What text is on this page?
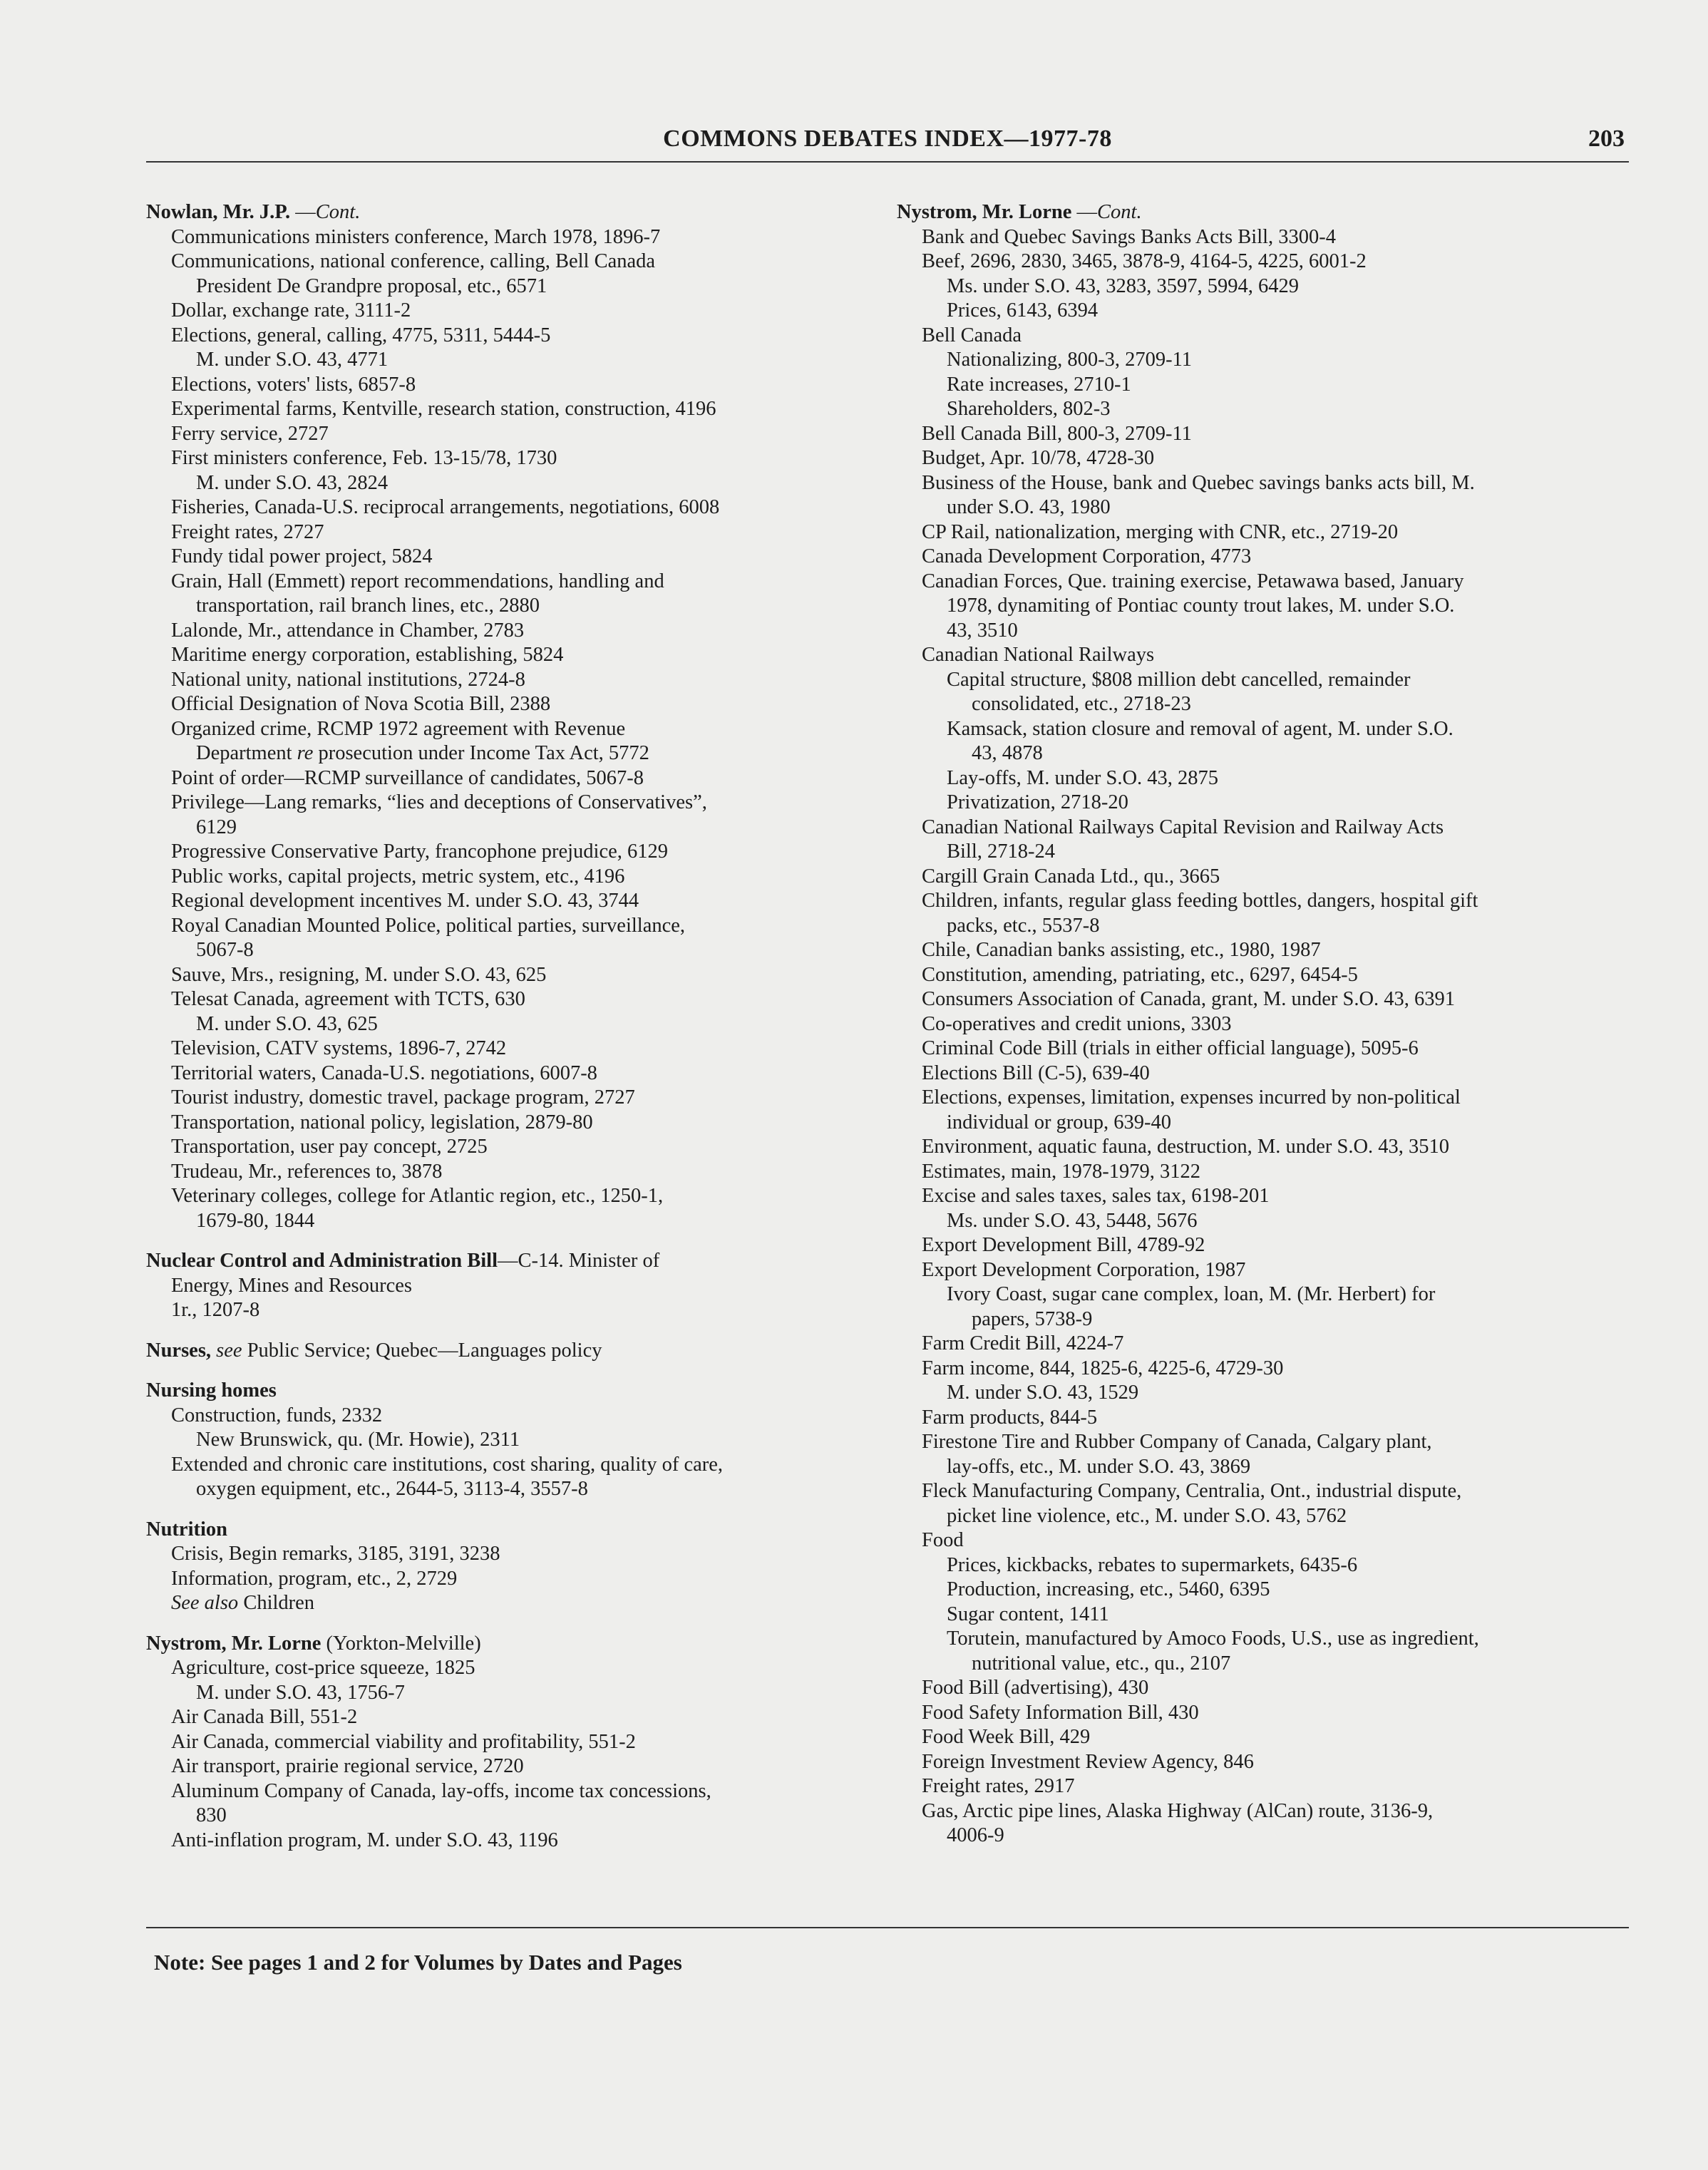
COMMONS DEBATES INDEX—1977-78	203
Nowlan, Mr. J.P. —Cont.
Communications ministers conference, March 1978, 1896-7
Communications, national conference, calling, Bell Canada
President De Grandpre proposal, etc., 6571
Dollar, exchange rate, 3111-2
Elections, general, calling, 4775, 5311, 5444-5
M. under S.O. 43, 4771
Elections, voters' lists, 6857-8
Experimental farms, Kentville, research station, construction, 4196
Ferry service, 2727
First ministers conference, Feb. 13-15/78, 1730
M. under S.O. 43, 2824
Fisheries, Canada-U.S. reciprocal arrangements, negotiations, 6008
Freight rates, 2727
Fundy tidal power project, 5824
Grain, Hall (Emmett) report recommendations, handling and
transportation, rail branch lines, etc., 2880
Lalonde, Mr., attendance in Chamber, 2783
Maritime energy corporation, establishing, 5824
National unity, national institutions, 2724-8
Official Designation of Nova Scotia Bill, 2388
Organized crime, RCMP 1972 agreement with Revenue
Department re prosecution under Income Tax Act, 5772
Point of order—RCMP surveillance of candidates, 5067-8
Privilege—Lang remarks, “lies and deceptions of Conservatives”,
6129
Progressive Conservative Party, francophone prejudice, 6129
Public works, capital projects, metric system, etc., 4196
Regional development incentives M. under S.O. 43, 3744
Royal Canadian Mounted Police, political parties, surveillance,
5067-8
Sauve, Mrs., resigning, M. under S.O. 43, 625
Telesat Canada, agreement with TCTS, 630
M. under S.O. 43, 625
Television, CATV systems, 1896-7, 2742
Territorial waters, Canada-U.S. negotiations, 6007-8
Tourist industry, domestic travel, package program, 2727
Transportation, national policy, legislation, 2879-80
Transportation, user pay concept, 2725
Trudeau, Mr., references to, 3878
Veterinary colleges, college for Atlantic region, etc., 1250-1,
1679-80, 1844
Nuclear Control and Administration Bill—C-14. Minister of
Energy, Mines and Resources
1r., 1207-8
Nurses, see Public Service; Quebec—Languages policy
Nursing homes
Construction, funds, 2332
New Brunswick, qu. (Mr. Howie), 2311
Extended and chronic care institutions, cost sharing, quality of care,
oxygen equipment, etc., 2644-5, 3113-4, 3557-8
Nutrition
Crisis, Begin remarks, 3185, 3191, 3238
Information, program, etc., 2, 2729
See also Children
Nystrom, Mr. Lorne (Yorkton-Melville)
Agriculture, cost-price squeeze, 1825
M. under S.O. 43, 1756-7
Air Canada Bill, 551-2
Air Canada, commercial viability and profitability, 551-2
Air transport, prairie regional service, 2720
Aluminum Company of Canada, lay-offs, income tax concessions,
830
Anti-inflation program, M. under S.O. 43, 1196
Nystrom, Mr. Lorne —Cont.
Bank and Quebec Savings Banks Acts Bill, 3300-4
Beef, 2696, 2830, 3465, 3878-9, 4164-5, 4225, 6001-2
Ms. under S.O. 43, 3283, 3597, 5994, 6429
Prices, 6143, 6394
Bell Canada
Nationalizing, 800-3, 2709-11
Rate increases, 2710-1
Shareholders, 802-3
Bell Canada Bill, 800-3, 2709-11
Budget, Apr. 10/78, 4728-30
Business of the House, bank and Quebec savings banks acts bill, M.
under S.O. 43, 1980
CP Rail, nationalization, merging with CNR, etc., 2719-20
Canada Development Corporation, 4773
Canadian Forces, Que. training exercise, Petawawa based, January
1978, dynamiting of Pontiac county trout lakes, M. under S.O.
43, 3510
Canadian National Railways
Capital structure, $808 million debt cancelled, remainder
consolidated, etc., 2718-23
Kamsack, station closure and removal of agent, M. under S.O.
43, 4878
Lay-offs, M. under S.O. 43, 2875
Privatization, 2718-20
Canadian National Railways Capital Revision and Railway Acts
Bill, 2718-24
Cargill Grain Canada Ltd., qu., 3665
Children, infants, regular glass feeding bottles, dangers, hospital gift
packs, etc., 5537-8
Chile, Canadian banks assisting, etc., 1980, 1987
Constitution, amending, patriating, etc., 6297, 6454-5
Consumers Association of Canada, grant, M. under S.O. 43, 6391
Co-operatives and credit unions, 3303
Criminal Code Bill (trials in either official language), 5095-6
Elections Bill (C-5), 639-40
Elections, expenses, limitation, expenses incurred by non-political
individual or group, 639-40
Environment, aquatic fauna, destruction, M. under S.O. 43, 3510
Estimates, main, 1978-1979, 3122
Excise and sales taxes, sales tax, 6198-201
Ms. under S.O. 43, 5448, 5676
Export Development Bill, 4789-92
Export Development Corporation, 1987
Ivory Coast, sugar cane complex, loan, M. (Mr. Herbert) for
papers, 5738-9
Farm Credit Bill, 4224-7
Farm income, 844, 1825-6, 4225-6, 4729-30
M. under S.O. 43, 1529
Farm products, 844-5
Firestone Tire and Rubber Company of Canada, Calgary plant,
lay-offs, etc., M. under S.O. 43, 3869
Fleck Manufacturing Company, Centralia, Ont., industrial dispute,
picket line violence, etc., M. under S.O. 43, 5762
Food
Prices, kickbacks, rebates to supermarkets, 6435-6
Production, increasing, etc., 5460, 6395
Sugar content, 1411
Torutein, manufactured by Amoco Foods, U.S., use as ingredient,
nutritional value, etc., qu., 2107
Food Bill (advertising), 430
Food Safety Information Bill, 430
Food Week Bill, 429
Foreign Investment Review Agency, 846
Freight rates, 2917
Gas, Arctic pipe lines, Alaska Highway (AlCan) route, 3136-9,
4006-9
Note: See pages 1 and 2 for Volumes by Dates and Pages
